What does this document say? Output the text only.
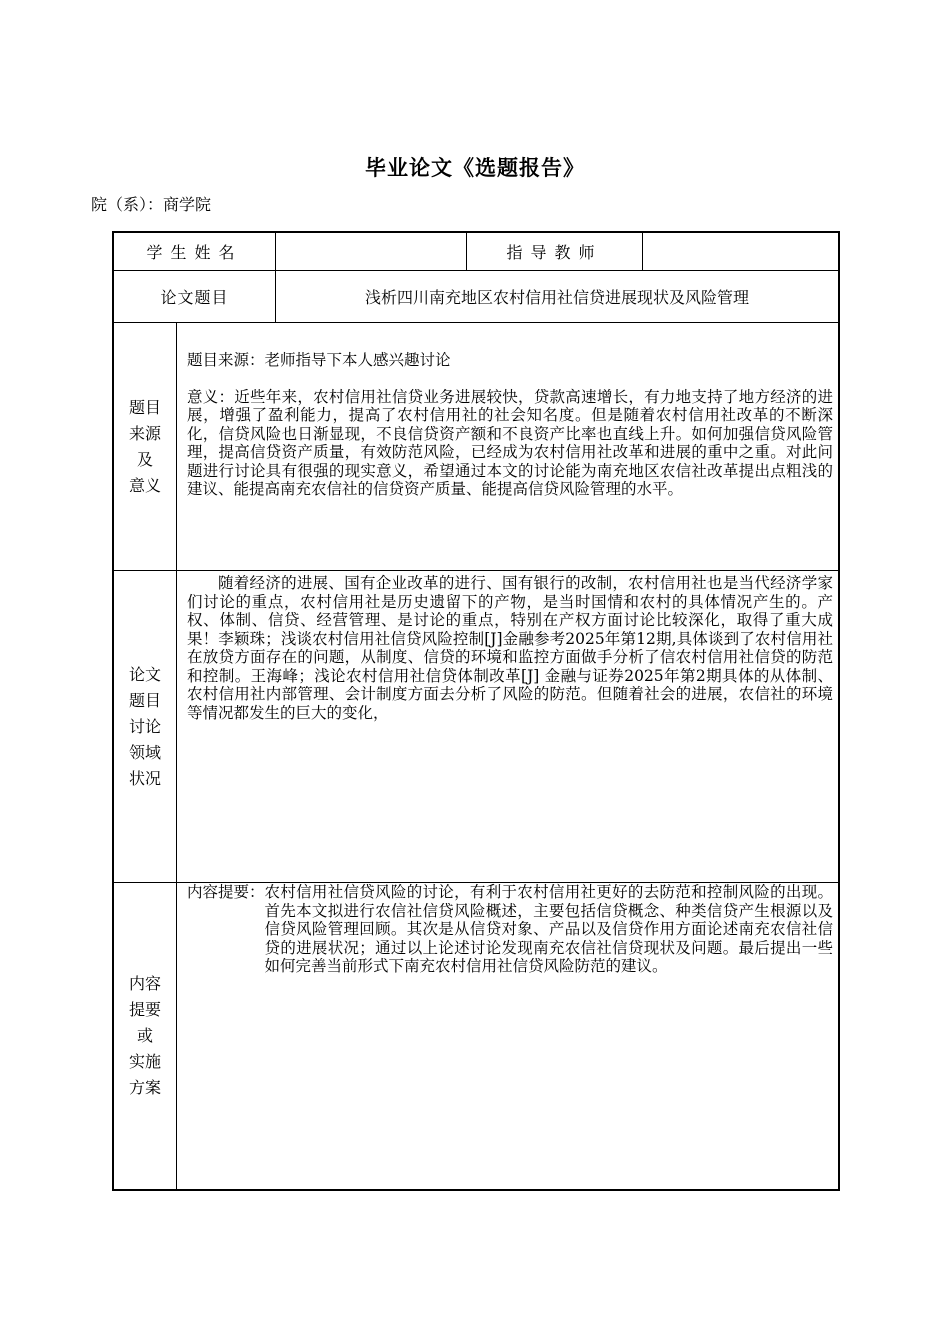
毕业论文《选题报告》
院（系）：商学院
学生姓名	指导教师
论文题目	浅析四川南充地区农村信用社信贷进展现状及风险管理
题目
来源
及
意义

题目来源：老师指导下本人感兴趣讨论

意义：近些年来，农村信用社信贷业务进展较快，贷款高速增长，有力地支持了地方经济的进展，增强了盈利能力，提高了农村信用社的社会知名度。但是随着农村信用社改革的不断深化，信贷风险也日渐显现，不良信贷资产额和不良资产比率也直线上升。如何加强信贷风险管理，提高信贷资产质量，有效防范风险，已经成为农村信用社改革和进展的重中之重。对此问题进行讨论具有很强的现实意义，希望通过本文的讨论能为南充地区农信社改革提出点粗浅的建议、能提高南充农信社的信贷资产质量、能提高信贷风险管理的水平。

论文
题目
讨论
领域
状况

随着经济的进展、国有企业改革的进行、国有银行的改制，农村信用社也是当代经济学家们讨论的重点，农村信用社是历史遗留下的产物，是当时国情和农村的具体情况产生的。产权、体制、信贷、经营管理、是讨论的重点，特别在产权方面讨论比较深化，取得了重大成果！李颖珠；浅谈农村信用社信贷风险控制[J]金融参考2025年第12期,具体谈到了农村信用社在放贷方面存在的问题，从制度、信贷的环境和监控方面做手分析了信农村信用社信贷的防范和控制。王海峰；浅论农村信用社信贷体制改革[J] 金融与证券2025年第2期具体的从体制、农村信用社内部管理、会计制度方面去分析了风险的防范。但随着社会的进展，农信社的环境等情况都发生的巨大的变化，

内容
提要
或
实施
方案
内容提要： 农村信用社信贷风险的讨论，有利于农村信用社更好的去防范和控制风险的出现。首先本文拟进行农信社信贷风险概述，主要包括信贷概念、种类信贷产生根源以及信贷风险管理回顾。其次是从信贷对象、产品以及信贷作用方面论述南充农信社信贷的进展状况；通过以上论述讨论发现南充农信社信贷现状及问题。最后提出一些如何完善当前形式下南充农村信用社信贷风险防范的建议。
